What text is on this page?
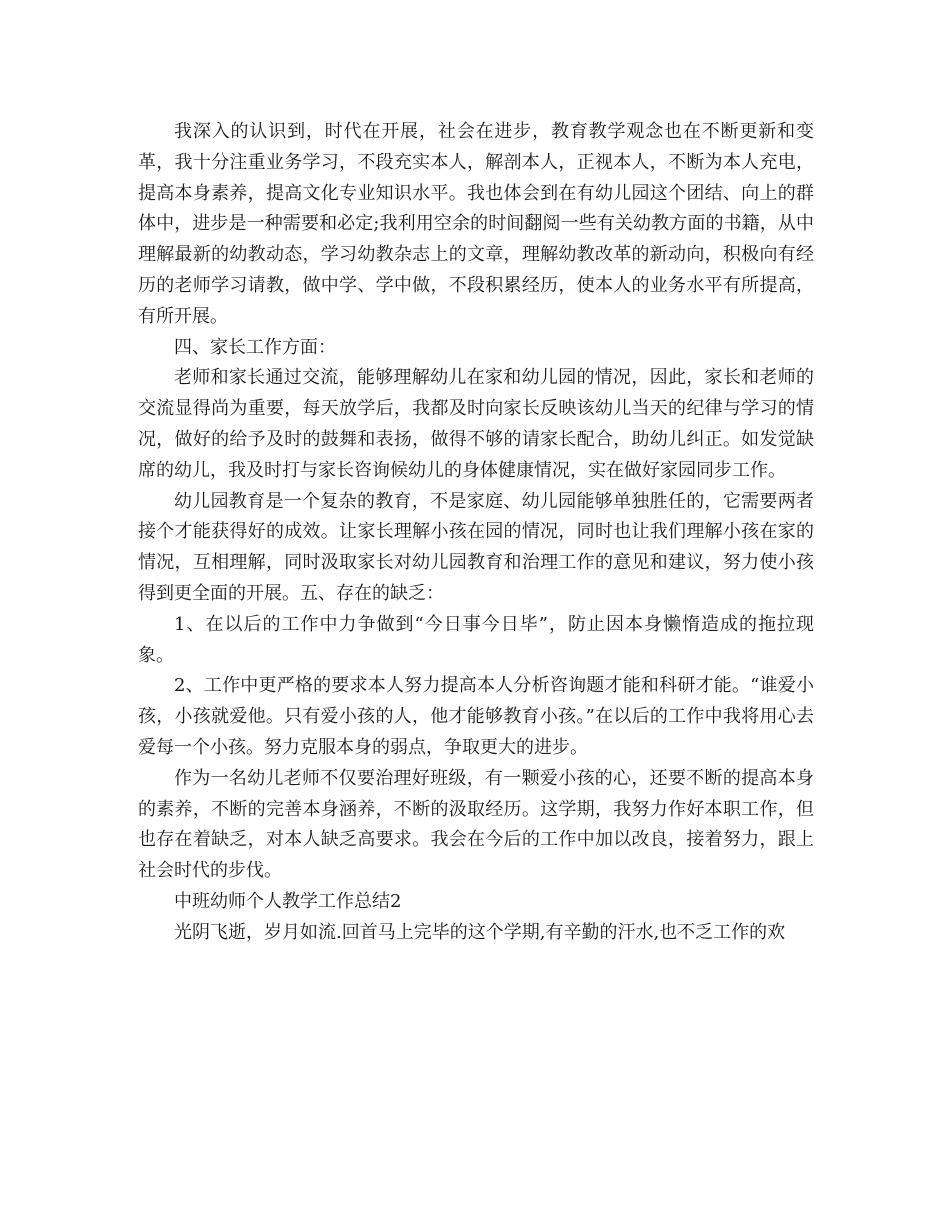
我深入的认识到，时代在开展，社会在进步，教育教学观念也在不断更新和变革，我十分注重业务学习，不段充实本人，解剖本人，正视本人，不断为本人充电，提高本身素养，提高文化专业知识水平。我也体会到在有幼儿园这个团结、向上的群体中，进步是一种需要和必定;我利用空余的时间翻阅一些有关幼教方面的书籍，从中理解最新的幼教动态，学习幼教杂志上的文章，理解幼教改革的新动向，积极向有经历的老师学习请教，做中学、学中做，不段积累经历，使本人的业务水平有所提高，有所开展。

四、家长工作方面：

老师和家长通过交流，能够理解幼儿在家和幼儿园的情况，因此，家长和老师的交流显得尚为重要，每天放学后，我都及时向家长反映该幼儿当天的纪律与学习的情况，做好的给予及时的鼓舞和表扬，做得不够的请家长配合，助幼儿纠正。如发觉缺席的幼儿，我及时打与家长咨询候幼儿的身体健康情况，实在做好家园同步工作。

幼儿园教育是一个复杂的教育，不是家庭、幼儿园能够单独胜任的，它需要两者接个才能获得好的成效。让家长理解小孩在园的情况，同时也让我们理解小孩在家的情况，互相理解，同时汲取家长对幼儿园教育和治理工作的意见和建议，努力使小孩得到更全面的开展。五、存在的缺乏：

1、在以后的工作中力争做到“今日事今日毕”，防止因本身懒惰造成的拖拉现象。

2、工作中更严格的要求本人努力提高本人分析咨询题才能和科研才能。“谁爱小孩，小孩就爱他。只有爱小孩的人，他才能够教育小孩。”在以后的工作中我将用心去爱每一个小孩。努力克服本身的弱点，争取更大的进步。

作为一名幼儿老师不仅要治理好班级，有一颗爱小孩的心，还要不断的提高本身的素养，不断的完善本身涵养，不断的汲取经历。这学期，我努力作好本职工作，但也存在着缺乏，对本人缺乏高要求。我会在今后的工作中加以改良，接着努力，跟上社会时代的步伐。

中班幼师个人教学工作总结2

光阴飞逝，岁月如流.回首马上完毕的这个学期,有辛勤的汗水,也不乏工作的欢
